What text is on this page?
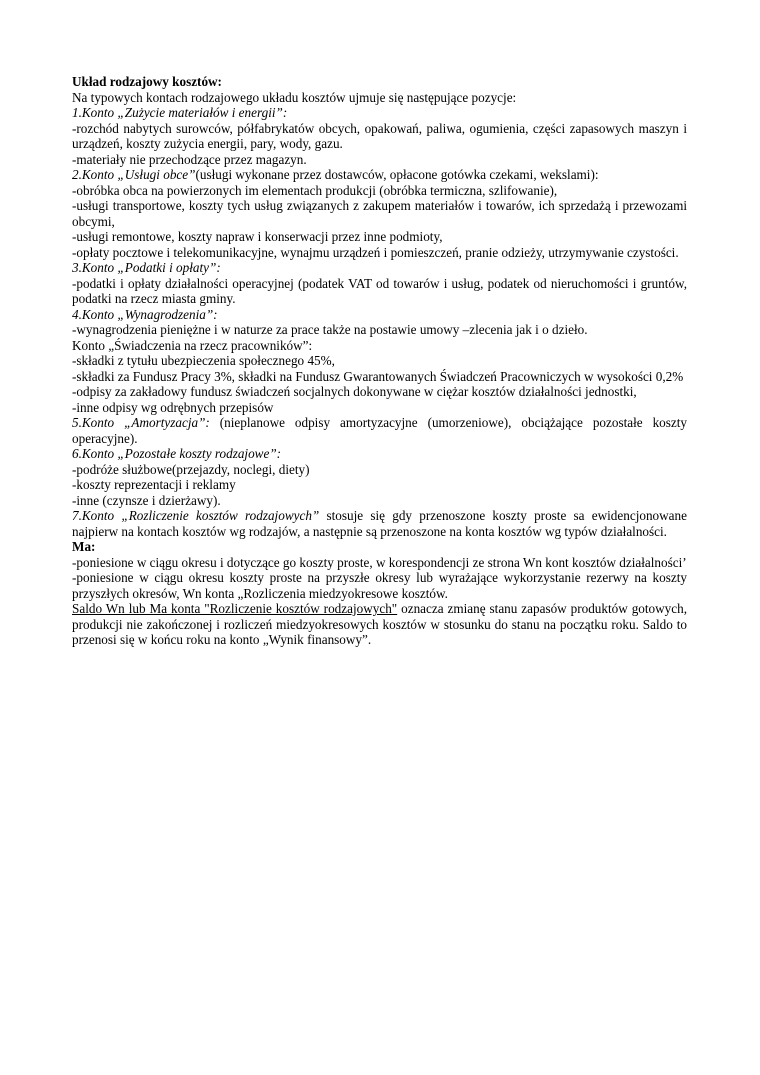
Układ rodzajowy kosztów:

Na typowych kontach rodzajowego układu kosztów ujmuje się następujące pozycje:

1.Konto „Zużycie materiałów i energii”:

-rozchód nabytych surowców, półfabrykatów obcych, opakowań, paliwa, ogumienia, części zapasowych maszyn i urządzeń, koszty zużycia energii, pary, wody, gazu.

-materiały nie przechodzące przez magazyn.

2.Konto „Usługi obce”(usługi wykonane przez dostawców, opłacone gotówka czekami, wekslami):

-obróbka obca na powierzonych im elementach produkcji (obróbka termiczna, szlifowanie),

-usługi transportowe, koszty tych usług związanych z zakupem materiałów i towarów, ich sprzedażą i przewozami obcymi,

-usługi remontowe, koszty napraw i konserwacji przez inne podmioty,

-opłaty pocztowe i telekomunikacyjne, wynajmu urządzeń i pomieszczeń, pranie odzieży, utrzymywanie czystości.

3.Konto „Podatki i opłaty”:

-podatki i opłaty działalności operacyjnej (podatek VAT od towarów i usług, podatek od nieruchomości i gruntów, podatki na rzecz miasta gminy.

4.Konto „Wynagrodzenia”:

-wynagrodzenia pieniężne i w naturze za prace także na postawie umowy –zlecenia jak i o dzieło.

Konto „Świadczenia na rzecz pracowników”:

-składki z tytułu ubezpieczenia społecznego 45%,

-składki za Fundusz Pracy 3%, składki na Fundusz Gwarantowanych Świadczeń Pracowniczych w wysokości 0,2%

-odpisy za zakładowy fundusz świadczeń socjalnych dokonywane w ciężar kosztów działalności jednostki,

-inne odpisy wg odrębnych przepisów

5.Konto „Amortyzacja”: (nieplanowe odpisy amortyzacyjne (umorzeniowe), obciążające pozostałe koszty operacyjne).

6.Konto „Pozostałe koszty rodzajowe”:

-podróże służbowe(przejazdy, noclegi, diety)

-koszty reprezentacji i reklamy

-inne (czynsze i dzierżawy).

7.Konto „Rozliczenie kosztów rodzajowych” stosuje się gdy przenoszone koszty proste sa ewidencjonowane najpierw na kontach kosztów wg rodzajów, a następnie są przenoszone na konta kosztów wg typów działalności.

Ma:

-poniesione w ciągu okresu i dotyczące go koszty proste, w korespondencji ze strona Wn kont kosztów działalności’

-poniesione w ciągu okresu koszty proste na przyszłe okresy lub wyrażające wykorzystanie rezerwy na koszty przyszłych okresów, Wn konta „Rozliczenia miedzyokresowe kosztów.

Saldo Wn lub Ma konta "Rozliczenie kosztów rodzajowych" oznacza zmianę stanu zapasów produktów gotowych, produkcji nie zakończonej i rozliczeń miedzyokresowych kosztów w stosunku do stanu na początku roku. Saldo to przenosi się w końcu roku na konto „Wynik finansowy”.
